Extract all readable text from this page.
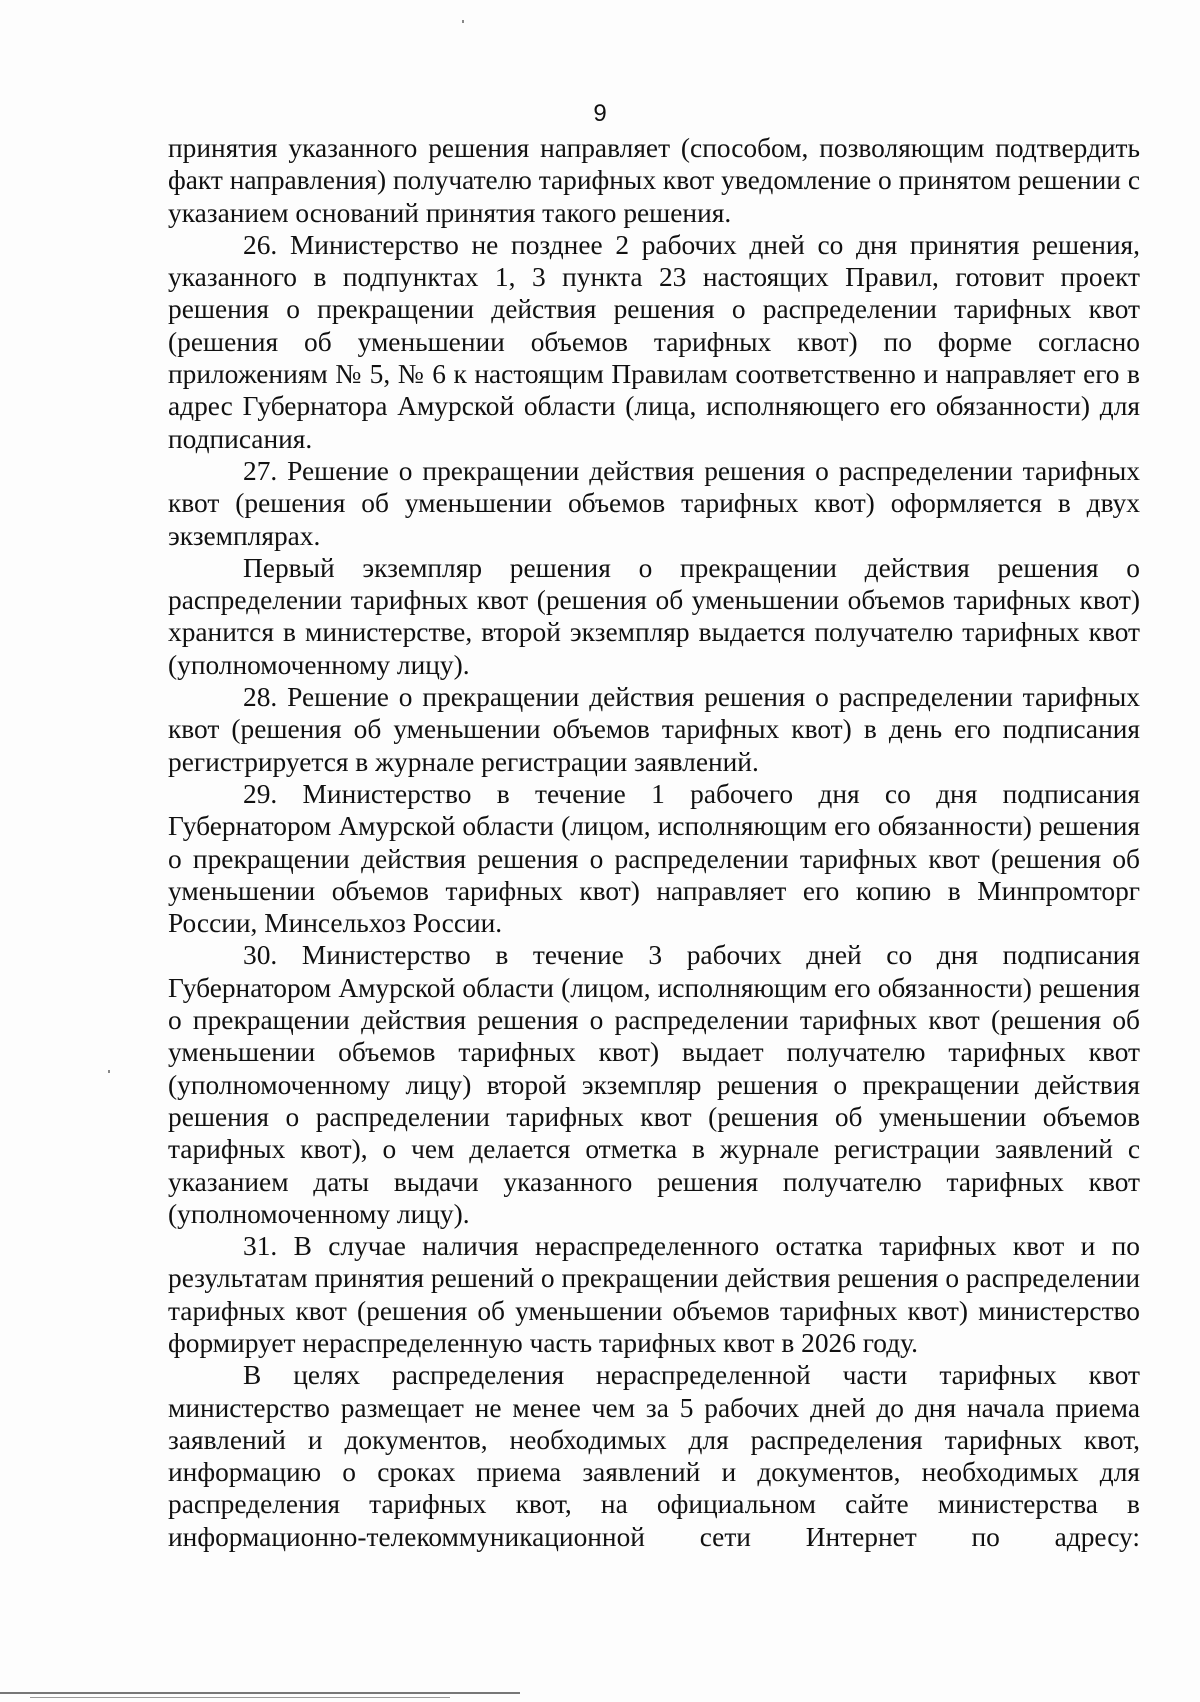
9

принятия указанного решения направляет (способом, позволяющим подтвердить факт направления) получателю тарифных квот уведомление о принятом решении с указанием оснований принятия такого решения.

26. Министерство не позднее 2 рабочих дней со дня принятия решения, указанного в подпунктах 1, 3 пункта 23 настоящих Правил, готовит проект решения о прекращении действия решения о распределении тарифных квот (решения об уменьшении объемов тарифных квот) по форме согласно приложениям № 5, № 6 к настоящим Правилам соответственно и направляет его в адрес Губернатора Амурской области (лица, исполняющего его обязанности) для подписания.

27. Решение о прекращении действия решения о распределении тарифных квот (решения об уменьшении объемов тарифных квот) оформляется в двух экземплярах.

Первый экземпляр решения о прекращении действия решения о распределении тарифных квот (решения об уменьшении объемов тарифных квот) хранится в министерстве, второй экземпляр выдается получателю тарифных квот (уполномоченному лицу).

28. Решение о прекращении действия решения о распределении тарифных квот (решения об уменьшении объемов тарифных квот) в день его подписания регистрируется в журнале регистрации заявлений.

29. Министерство в течение 1 рабочего дня со дня подписания Губернатором Амурской области (лицом, исполняющим его обязанности) решения о прекращении действия решения о распределении тарифных квот (решения об уменьшении объемов тарифных квот) направляет его копию в Минпромторг России, Минсельхоз России.

30. Министерство в течение 3 рабочих дней со дня подписания Губернатором Амурской области (лицом, исполняющим его обязанности) решения о прекращении действия решения о распределении тарифных квот (решения об уменьшении объемов тарифных квот) выдает получателю тарифных квот (уполномоченному лицу) второй экземпляр решения о прекращении действия решения о распределении тарифных квот (решения об уменьшении объемов тарифных квот), о чем делается отметка в журнале регистрации заявлений с указанием даты выдачи указанного решения получателю тарифных квот (уполномоченному лицу).

31. В случае наличия нераспределенного остатка тарифных квот и по результатам принятия решений о прекращении действия решения о распределении тарифных квот (решения об уменьшении объемов тарифных квот) министерство формирует нераспределенную часть тарифных квот в 2026 году.

В целях распределения нераспределенной части тарифных квот министерство размещает не менее чем за 5 рабочих дней до дня начала приема заявлений и документов, необходимых для распределения тарифных квот, информацию о сроках приема заявлений и документов, необходимых для распределения тарифных квот, на официальном сайте министерства в информационно-телекоммуникационной сети Интернет по адресу:
